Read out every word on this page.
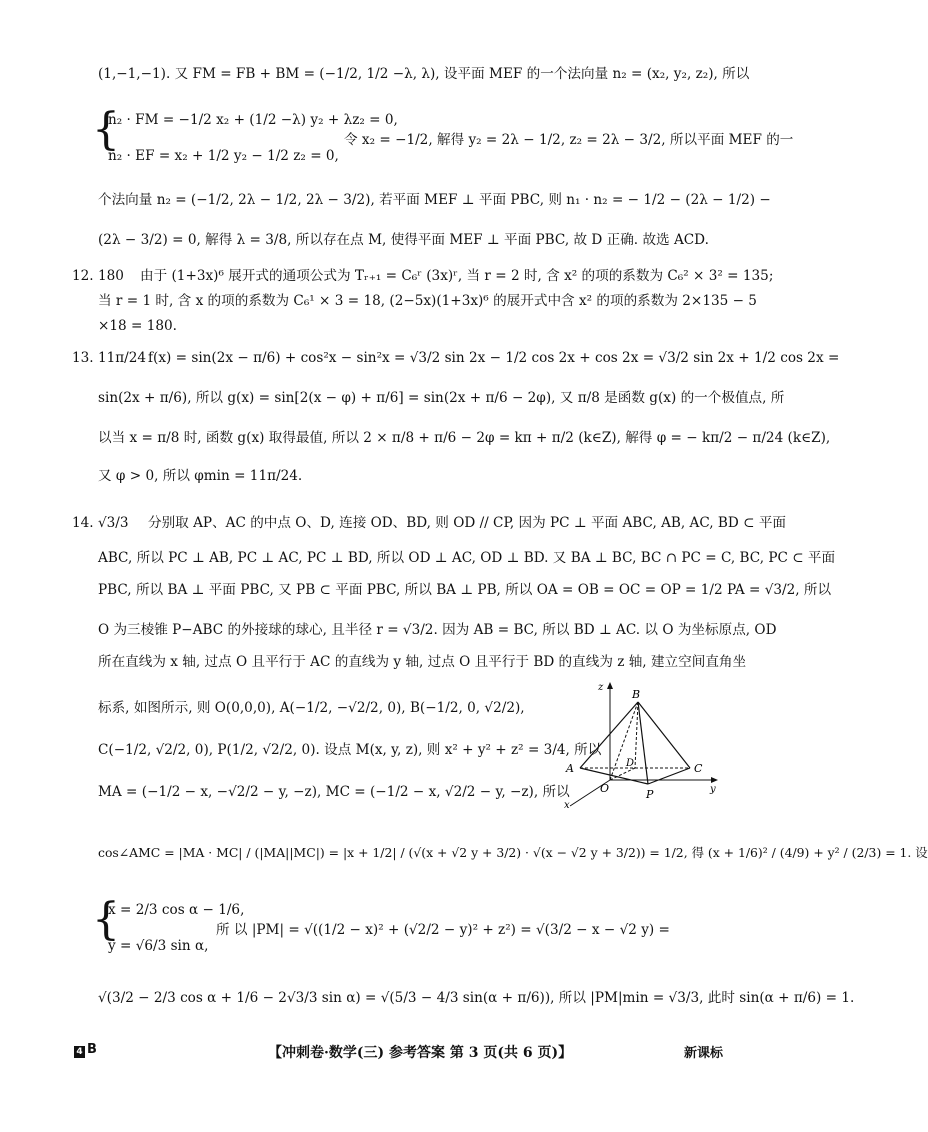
(1,−1,−1). 又 FM = FB + BM = (−1/2, 1/2 −λ, λ), 设平面 MEF 的一个法向量 n₂ = (x₂, y₂, z₂), 所以
{
n₂ · FM = −1/2 x₂ + (1/2 −λ) y₂ + λz₂ = 0,
n₂ · EF = x₂ + 1/2 y₂ − 1/2 z₂ = 0,
令 x₂ = −1/2, 解得 y₂ = 2λ − 1/2, z₂ = 2λ − 3/2, 所以平面 MEF 的一
个法向量 n₂ = (−1/2, 2λ − 1/2, 2λ − 3/2), 若平面 MEF ⊥ 平面 PBC, 则 n₁ · n₂ = − 1/2 − (2λ − 1/2) −
(2λ − 3/2) = 0, 解得 λ = 3/8, 所以存在点 M, 使得平面 MEF ⊥ 平面 PBC, 故 D 正确. 故选 ACD.
12. 180 由于 (1+3x)⁶ 展开式的通项公式为 Tᵣ₊₁ = C₆ʳ (3x)ʳ, 当 r = 2 时, 含 x² 的项的系数为 C₆² × 3² = 135;
当 r = 1 时, 含 x 的项的系数为 C₆¹ × 3 = 18, (2−5x)(1+3x)⁶ 的展开式中含 x² 的项的系数为 2×135 − 5
×18 = 180.
13. 11π/24 f(x) = sin(2x − π/6) + cos²x − sin²x = √3/2 sin 2x − 1/2 cos 2x + cos 2x = √3/2 sin 2x + 1/2 cos 2x =
sin(2x + π/6), 所以 g(x) = sin[2(x − φ) + π/6] = sin(2x + π/6 − 2φ), 又 π/8 是函数 g(x) 的一个极值点, 所
以当 x = π/8 时, 函数 g(x) 取得最值, 所以 2 × π/8 + π/6 − 2φ = kπ + π/2 (k∈Z), 解得 φ = − kπ/2 − π/24 (k∈Z),
又 φ > 0, 所以 φmin = 11π/24.
14. √3/3 分别取 AP、AC 的中点 O、D, 连接 OD、BD, 则 OD // CP, 因为 PC ⊥ 平面 ABC, AB, AC, BD ⊂ 平面
ABC, 所以 PC ⊥ AB, PC ⊥ AC, PC ⊥ BD, 所以 OD ⊥ AC, OD ⊥ BD. 又 BA ⊥ BC, BC ∩ PC = C, BC, PC ⊂ 平面
PBC, 所以 BA ⊥ 平面 PBC, 又 PB ⊂ 平面 PBC, 所以 BA ⊥ PB, 所以 OA = OB = OC = OP = 1/2 PA = √3/2, 所以
O 为三棱锥 P−ABC 的外接球的球心, 且半径 r = √3/2. 因为 AB = BC, 所以 BD ⊥ AC. 以 O 为坐标原点, OD
所在直线为 x 轴, 过点 O 且平行于 AC 的直线为 y 轴, 过点 O 且平行于 BD 的直线为 z 轴, 建立空间直角坐
标系, 如图所示, 则 O(0,0,0), A(−1/2, −√2/2, 0), B(−1/2, 0, √2/2),
C(−1/2, √2/2, 0), P(1/2, √2/2, 0). 设点 M(x, y, z), 则 x² + y² + z² = 3/4, 所以
MA = (−1/2 − x, −√2/2 − y, −z), MC = (−1/2 − x, √2/2 − y, −z), 所以
cos∠AMC = |MA · MC| / (|MA||MC|) = |x + 1/2| / (√(x + √2 y + 3/2) · √(x − √2 y + 3/2)) = 1/2, 得 (x + 1/6)² / (4/9) + y² / (2/3) = 1. 设
{
x = 2/3 cos α − 1/6,
y = √6/3 sin α,
所 以 |PM| = √((1/2 − x)² + (√2/2 − y)² + z²) = √(3/2 − x − √2 y) =
√(3/2 − 2/3 cos α + 1/6 − 2√3/3 sin α) = √(5/3 − 4/3 sin(α + π/6)), 所以 |PM|min = √3/3, 此时 sin(α + π/6) = 1.
z
B
A	D	C
O	P
x
y
4 B	【冲刺卷·数学(三) 参考答案 第 3 页(共 6 页)】	新课标
